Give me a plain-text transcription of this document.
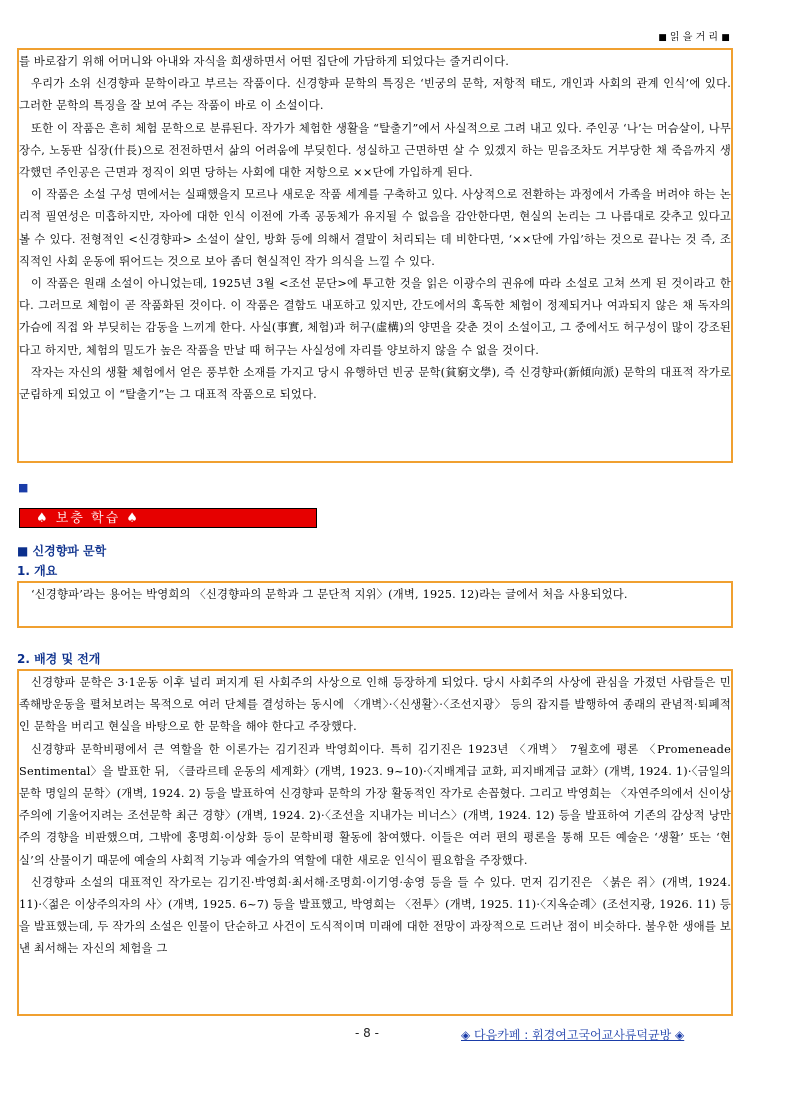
■ 읽 을 거 리 ■

를 바로잡기 위해 어머니와 아내와 자식을 희생하면서 어떤 집단에 가담하게 되었다는 줄거리이다.

우리가 소위 신경향파 문학이라고 부르는 작품이다. 신경향파 문학의 특징은 ‘빈궁의 문학, 저항적 태도, 개인과 사회의 관계 인식’에 있다. 그러한 문학의 특징을 잘 보여 주는 작품이 바로 이 소설이다.

또한 이 작품은 흔히 체험 문학으로 분류된다. 작가가 체험한 생활을 “탈출기”에서 사실적으로 그려 내고 있다. 주인공 ‘나’는 머슴살이, 나무장수, 노동판 십장(什長)으로 전전하면서 삶의 어려움에 부딪힌다. 성실하고 근면하면 살 수 있겠지 하는 믿음조차도 거부당한 채 죽음까지 생각했던 주인공은 근면과 정직이 외면 당하는 사회에 대한 저항으로 ××단에 가입하게 된다.

이 작품은 소설 구성 면에서는 실패했을지 모르나 새로운 작품 세계를 구축하고 있다. 사상적으로 전환하는 과정에서 가족을 버려야 하는 논리적 필연성은 미흡하지만, 자아에 대한 인식 이전에 가족 공동체가 유지될 수 없음을 감안한다면, 현실의 논리는 그 나름대로 갖추고 있다고 볼 수 있다. 전형적인 <신경향파> 소설이 살인, 방화 등에 의해서 결말이 처리되는 데 비한다면, ‘××단에 가입’하는 것으로 끝나는 것 즉, 조직적인 사회 운동에 뛰어드는 것으로 보아 좀더 현실적인 작가 의식을 느낄 수 있다.

이 작품은 원래 소설이 아니었는데, 1925년 3월 <조선 문단>에 투고한 것을 읽은 이광수의 권유에 따라 소설로 고쳐 쓰게 된 것이라고 한다. 그러므로 체험이 곧 작품화된 것이다. 이 작품은 결함도 내포하고 있지만, 간도에서의 혹독한 체험이 정제되거나 여과되지 않은 채 독자의 가슴에 직접 와 부딪히는 감동을 느끼게 한다. 사실(事實, 체험)과 허구(虛構)의 양면을 갖춘 것이 소설이고, 그 중에서도 허구성이 많이 강조된다고 하지만, 체험의 밀도가 높은 작품을 만날 때 허구는 사실성에 자리를 양보하지 않을 수 없을 것이다.

작자는 자신의 생활 체험에서 얻은 풍부한 소재를 가지고 당시 유행하던 빈궁 문학(貧窮文學), 즉 신경향파(新傾向派) 문학의 대표적 작가로 군림하게 되었고 이 “탈출기”는 그 대표적 작품으로 되었다.

■
♠ 보충 학습 ♠
■ 신경향파 문학
1. 개요

‘신경향파’라는 용어는 박영희의 〈신경향파의 문학과 그 문단적 지위〉(개벽, 1925. 12)라는 글에서 처음 사용되었다.

2. 배경 및 전개

신경향파 문학은 3·1운동 이후 널리 퍼지게 된 사회주의 사상으로 인해 등장하게 되었다. 당시 사회주의 사상에 관심을 가졌던 사람들은 민족해방운동을 펼쳐보려는 목적으로 여러 단체를 결성하는 동시에 〈개벽〉·〈신생활〉·〈조선지광〉 등의 잡지를 발행하여 종래의 관념적·퇴폐적인 문학을 버리고 현실을 바탕으로 한 문학을 해야 한다고 주장했다.

신경향파 문학비평에서 큰 역할을 한 이론가는 김기진과 박영희이다. 특히 김기진은 1923년 〈개벽〉 7월호에 평론 〈Promeneade Sentimental〉을 발표한 뒤, 〈클라르테 운동의 세계화〉(개벽, 1923. 9~10)·〈지배계급 교화, 피지배계급 교화〉(개벽, 1924. 1)·〈금일의 문학 명일의 문학〉(개벽, 1924. 2) 등을 발표하여 신경향파 문학의 가장 활동적인 작가로 손꼽혔다. 그리고 박영희는 〈자연주의에서 신이상주의에 기울어지려는 조선문학 최근 경향〉(개벽, 1924. 2)·〈조선을 지내가는 비너스〉(개벽, 1924. 12) 등을 발표하여 기존의 감상적 낭만주의 경향을 비판했으며, 그밖에 홍명희·이상화 등이 문학비평 활동에 참여했다. 이들은 여러 편의 평론을 통해 모든 예술은 ‘생활’ 또는 ‘현실’의 산물이기 때문에 예술의 사회적 기능과 예술가의 역할에 대한 새로운 인식이 필요함을 주장했다.

신경향파 소설의 대표적인 작가로는 김기진·박영희·최서해·조명희·이기영·송영 등을 들 수 있다. 먼저 김기진은 〈붉은 쥐〉(개벽, 1924. 11)·〈젊은 이상주의자의 사〉(개벽, 1925. 6~7) 등을 발표했고, 박영희는 〈전투〉(개벽, 1925. 11)·〈지옥순례〉(조선지광, 1926. 11) 등을 발표했는데, 두 작가의 소설은 인물이 단순하고 사건이 도식적이며 미래에 대한 전망이 과장적으로 드러난 점이 비슷하다. 불우한 생애를 보낸 최서해는 자신의 체험을 그

- 8 -	◈ 다음카페 : 휘경여고국어교사류덕균방 ◈
